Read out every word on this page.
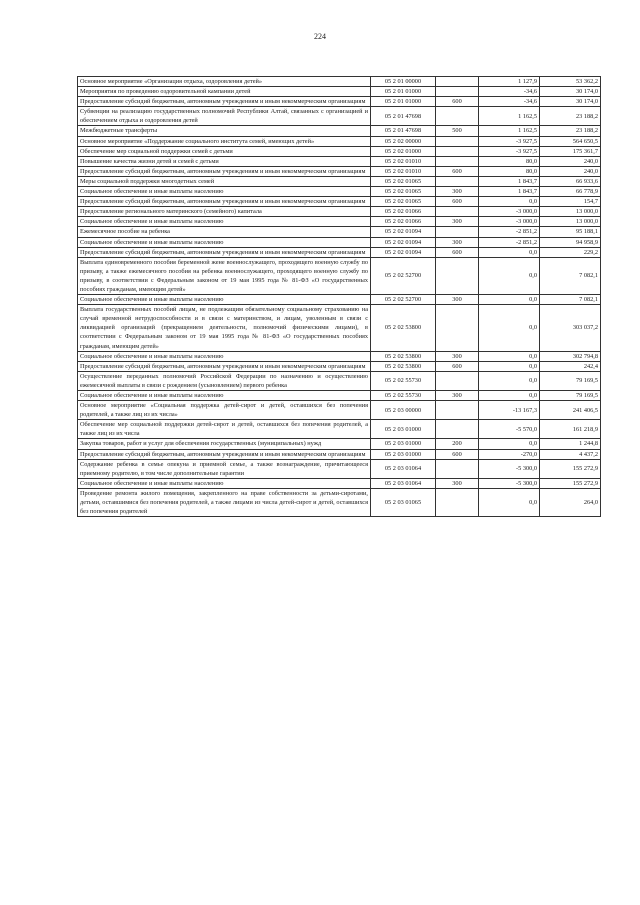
224
Основное мероприятие «Организация отдыха, оздоровления детей»	05 2 01 00000		1 127,9	53 362,2
Мероприятия по проведению оздоровительной кампании детей	05 2 01 01000		-34,6	30 174,0
Предоставление субсидий бюджетным, автономным учреждениям и иным некоммерческим организациям	05 2 01 01000	600	-34,6	30 174,0
Субвенции на реализацию государственных полномочий Республики Алтай, связанных с организацией и обеспечением отдыха и оздоровления детей	05 2 01 47698		1 162,5	23 188,2
Межбюджетные трансферты	05 2 01 47698	500	1 162,5	23 188,2
Основное мероприятие «Поддержание социального института семей, имеющих детей»	05 2 02 00000		-3 927,5	564 650,5
Обеспечение мер социальной поддержки семей с детьми	05 2 02 01000		-3 927,5	175 361,7
Повышение качества жизни детей и семей с детьми	05 2 02 01010		80,0	240,0
Предоставление субсидий бюджетным, автономным учреждениям и иным некоммерческим организациям	05 2 02 01010	600	80,0	240,0
Меры социальной поддержки многодетных семей	05 2 02 01065		1 843,7	66 933,6
Социальное обеспечение и иные выплаты населению	05 2 02 01065	300	1 843,7	66 778,9
Предоставление субсидий бюджетным, автономным учреждениям и иным некоммерческим организациям	05 2 02 01065	600	0,0	154,7
Предоставление регионального материнского (семейного) капитала	05 2 02 01066		-3 000,0	13 000,0
Социальное обеспечение и иные выплаты населению	05 2 02 01066	300	-3 000,0	13 000,0
Ежемесячное пособие на ребенка	05 2 02 01094		-2 851,2	95 188,1
Социальное обеспечение и иные выплаты населению	05 2 02 01094	300	-2 851,2	94 958,9
Предоставление субсидий бюджетным, автономным учреждениям и иным некоммерческим организациям	05 2 02 01094	600	0,0	229,2
Выплата единовременного пособия беременной жене военнослужащего, проходящего военную службу по призыву, а также ежемесячного пособия на ребенка военнослужащего, проходящего военную службу по призыву, в соответствии с Федеральным законом от 19 мая 1995 года № 81-ФЗ «О государственных пособиях гражданам, имеющим детей»	05 2 02 52700		0,0	7 082,1
Социальное обеспечение и иные выплаты населению	05 2 02 52700	300	0,0	7 082,1
Выплата государственных пособий лицам, не подлежащим обязательному социальному страхованию на случай временной нетрудоспособности и в связи с материнством, и лицам, уволенным в связи с ликвидацией организаций (прекращением деятельности, полномочий физическими лицами), в соответствии с Федеральным законом от 19 мая 1995 года № 81-ФЗ «О государственных пособиях гражданам, имеющим детей»	05 2 02 53800		0,0	303 037,2
Социальное обеспечение и иные выплаты населению	05 2 02 53800	300	0,0	302 794,8
Предоставление субсидий бюджетным, автономным учреждениям и иным некоммерческим организациям	05 2 02 53800	600	0,0	242,4
Осуществление переданных полномочий Российской Федерации по назначению и осуществлению ежемесячной выплаты в связи с рождением (усыновлением) первого ребенка	05 2 02 55730		0,0	79 169,5
Социальное обеспечение и иные выплаты населению	05 2 02 55730	300	0,0	79 169,5
Основное мероприятие «Социальная поддержка детей-сирот и детей, оставшихся без попечения родителей, а также лиц из их числа»	05 2 03 00000		-13 167,3	241 406,5
Обеспечение мер социальной поддержки детей-сирот и детей, оставшихся без попечения родителей, а также лиц из их числа	05 2 03 01000		-5 570,0	161 218,9
Закупка товаров, работ и услуг для обеспечения государственных (муниципальных) нужд	05 2 03 01000	200	0,0	1 244,8
Предоставление субсидий бюджетным, автономным учреждениям и иным некоммерческим организациям	05 2 03 01000	600	-270,0	4 437,2
Содержание ребенка в семье опекуна и приемной семье, а также вознаграждение, причитающееся приемному родителю, в том числе дополнительные гарантии	05 2 03 01064		-5 300,0	155 272,9
Социальное обеспечение и иные выплаты населению	05 2 03 01064	300	-5 300,0	155 272,9
Проведение ремонта жилого помещения, закрепленного на праве собственности за детьми-сиротами, детьми, оставшимися без попечения родителей, а также лицами из числа детей-сирот и детей, оставшихся без попечения родителей	05 2 03 01065		0,0	264,0
